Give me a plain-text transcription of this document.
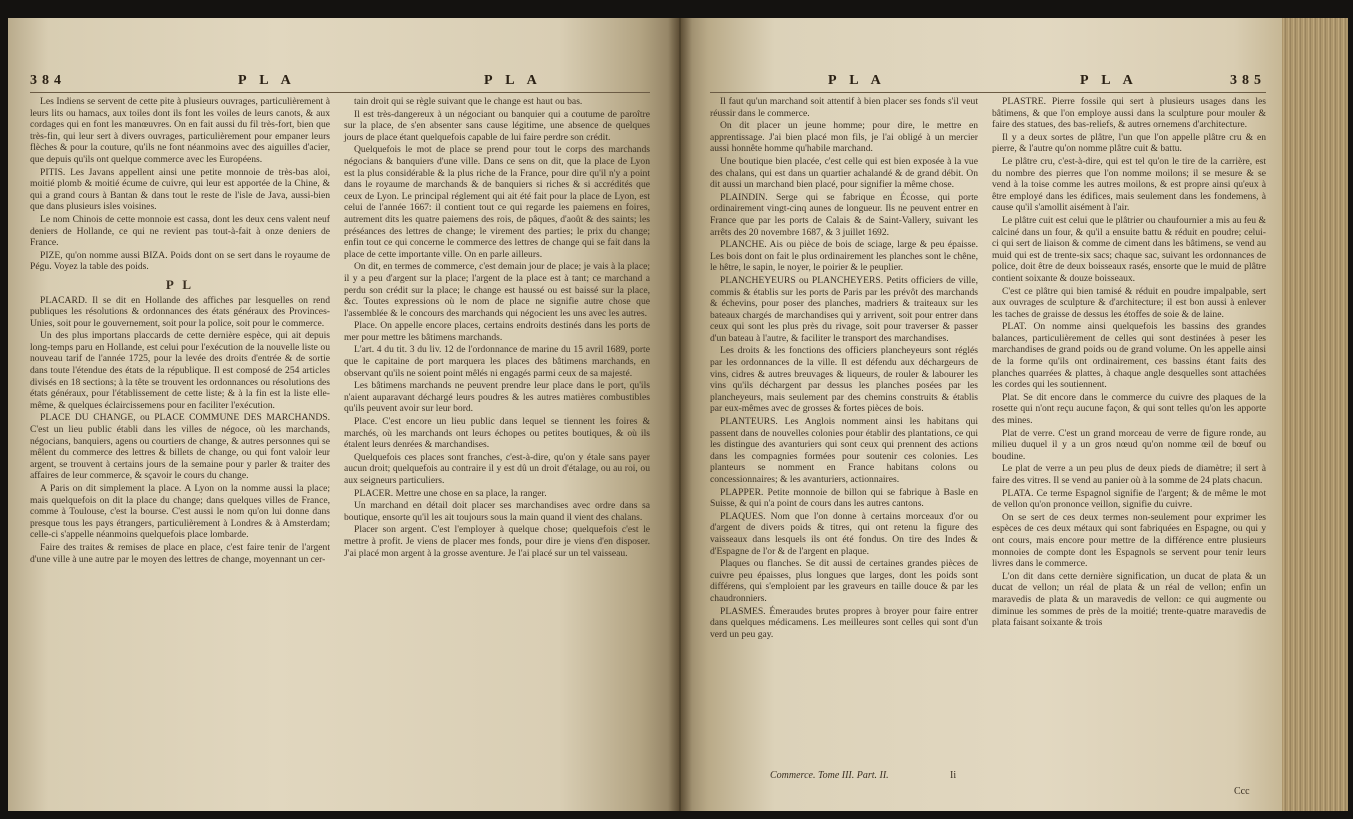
384	P L A	P L A

Les Indiens se servent de cette pite à plusieurs ouvrages, particulièrement à leurs lits ou hamacs, aux toiles dont ils font les voiles de leurs canots, & aux cordages qui en font les manœuvres. On en fait aussi du fil très-fort, bien que très-fin, qui leur sert à divers ouvrages, particulièrement pour empaner leurs flèches & pour la couture, qu'ils ne font néanmoins avec des aiguilles d'acier, que depuis qu'ils ont quelque commerce avec les Européens.

PITIS. Les Javans appellent ainsi une petite monnoie de très-bas aloi, moitié plomb & moitié écume de cuivre, qui leur est apportée de la Chine, & qui a grand cours à Bantan & dans tout le reste de l'isle de Java, aussi-bien que dans plusieurs isles voisines.

Le nom Chinois de cette monnoie est cassa, dont les deux cens valent neuf deniers de Hollande, ce qui ne revient pas tout-à-fait à onze deniers de France.

PIZE, qu'on nomme aussi BIZA. Poids dont on se sert dans le royaume de Pégu. Voyez la table des poids.

P L

PLACARD. Il se dit en Hollande des affiches par lesquelles on rend publiques les résolutions & ordonnances des états généraux des Provinces-Unies, soit pour le gouvernement, soit pour la police, soit pour le commerce.

Un des plus importans placcards de cette dernière espèce, qui ait depuis long-temps paru en Hollande, est celui pour l'exécution de la nouvelle liste ou nouveau tarif de l'année 1725, pour la levée des droits d'entrée & de sortie dans toute l'étendue des états de la république. Il est composé de 254 articles divisés en 18 sections; à la tête se trouvent les ordonnances ou résolutions des états généraux, pour l'établissement de cette liste; & à la fin est la liste elle-même, & quelques éclaircissemens pour en faciliter l'exécution.

PLACE DU CHANGE, ou PLACE COMMUNE DES MARCHANDS. C'est un lieu public établi dans les villes de négoce, où les marchands, négocians, banquiers, agens ou courtiers de change, & autres personnes qui se mêlent du commerce des lettres & billets de change, ou qui font valoir leur argent, se trouvent à certains jours de la semaine pour y parler & traiter des affaires de leur commerce, & sçavoir le cours du change.

A Paris on dit simplement la place. A Lyon on la nomme aussi la place; mais quelquefois on dit la place du change; dans quelques villes de France, comme à Toulouse, c'est la bourse. C'est aussi le nom qu'on lui donne dans presque tous les pays étrangers, particulièrement à Londres & à Amsterdam; celle-ci s'appelle néanmoins quelquefois place lombarde.

Faire des traites & remises de place en place, c'est faire tenir de l'argent d'une ville à une autre par le moyen des lettres de change, moyennant un cer-

tain droit qui se règle suivant que le change est haut ou bas.

Il est très-dangereux à un négociant ou banquier qui a coutume de paroître sur la place, de s'en absenter sans cause légitime, une absence de quelques jours de place étant quelquefois capable de lui faire perdre son crédit.

Quelquefois le mot de place se prend pour tout le corps des marchands négocians & banquiers d'une ville. Dans ce sens on dit, que la place de Lyon est la plus considérable & la plus riche de la France, pour dire qu'il n'y a point dans le royaume de marchands & de banquiers si riches & si accrédités que ceux de Lyon. Le principal réglement qui ait été fait pour la place de Lyon, est celui de l'année 1667: il contient tout ce qui regarde les paiemens en foires, autrement dits les quatre paiemens des rois, de pâques, d'août & des saints; les préséances des lettres de change; le virement des parties; le prix du change; enfin tout ce qui concerne le commerce des lettres de change qui se fait dans la place de cette importante ville. On en parle ailleurs.

On dit, en termes de commerce, c'est demain jour de place; je vais à la place; il y a peu d'argent sur la place; l'argent de la place est à tant; ce marchand a perdu son crédit sur la place; le change est haussé ou est baissé sur la place, &c. Toutes expressions où le nom de place ne signifie autre chose que l'assemblée & le concours des marchands qui négocient les uns avec les autres.

Place. On appelle encore places, certains endroits destinés dans les ports de mer pour mettre les bâtimens marchands.

L'art. 4 du tit. 3 du liv. 12 de l'ordonnance de marine du 15 avril 1689, porte que le capitaine de port marquera les places des bâtimens marchands, en observant qu'ils ne soient point mêlés ni engagés parmi ceux de sa majesté.

Les bâtimens marchands ne peuvent prendre leur place dans le port, qu'ils n'aient auparavant déchargé leurs poudres & les autres matières combustibles qu'ils peuvent avoir sur leur bord.

Place. C'est encore un lieu public dans lequel se tiennent les foires & marchés, où les marchands ont leurs échopes ou petites boutiques, & où ils étalent leurs denrées & marchandises.

Quelquefois ces places sont franches, c'est-à-dire, qu'on y étale sans payer aucun droit; quelquefois au contraire il y est dû un droit d'étalage, ou au roi, ou aux seigneurs particuliers.

PLACER. Mettre une chose en sa place, la ranger.

Un marchand en détail doit placer ses marchandises avec ordre dans sa boutique, ensorte qu'il les ait toujours sous la main quand il vient des chalans.

Placer son argent. C'est l'employer à quelque chose; quelquefois c'est le mettre à profit. Je viens de placer mes fonds, pour dire je viens d'en disposer. J'ai placé mon argent à la grosse aventure. Je l'ai placé sur un tel vaisseau.

P L A	P L A	385

Il faut qu'un marchand soit attentif à bien placer ses fonds s'il veut réussir dans le commerce.

On dit placer un jeune homme; pour dire, le mettre en apprentissage. J'ai bien placé mon fils, je l'ai obligé à un mercier aussi honnête homme qu'habile marchand.

Une boutique bien placée, c'est celle qui est bien exposée à la vue des chalans, qui est dans un quartier achalandé & de grand débit. On dit aussi un marchand bien placé, pour signifier la même chose.

PLAINDIN. Serge qui se fabrique en Écosse, qui porte ordinairement vingt-cinq aunes de longueur. Ils ne peuvent entrer en France que par les ports de Calais & de Saint-Vallery, suivant les arrêts des 20 novembre 1687, & 3 juillet 1692.

PLANCHE. Ais ou pièce de bois de sciage, large & peu épaisse. Les bois dont on fait le plus ordinairement les planches sont le chêne, le hêtre, le sapin, le noyer, le poirier & le peuplier.

PLANCHEYEURS ou PLANCHEYERS. Petits officiers de ville, commis & établis sur les ports de Paris par les prévôt des marchands & échevins, pour poser des planches, madriers & traiteaux sur les bateaux chargés de marchandises qui y arrivent, soit pour entrer dans ceux qui sont les plus près du rivage, soit pour traverser & passer d'un bateau à l'autre, & faciliter le transport des marchandises.

Les droits & les fonctions des officiers plancheyeurs sont réglés par les ordonnances de la ville. Il est défendu aux déchargeurs de vins, cidres & autres breuvages & liqueurs, de rouler & labourer les vins qu'ils déchargent par dessus les planches posées par les plancheyeurs, mais seulement par des chemins construits & établis par eux-mêmes avec de grosses & fortes pièces de bois.

PLANTEURS. Les Anglois nomment ainsi les habitans qui passent dans de nouvelles colonies pour établir des plantations, ce qui les distingue des avanturiers qui sont ceux qui prennent des actions dans les compagnies formées pour soutenir ces colonies. Les planteurs se nomment en France habitans colons ou concessionnaires; & les avanturiers, actionnaires.

PLAPPER. Petite monnoie de billon qui se fabrique à Basle en Suisse, & qui n'a point de cours dans les autres cantons.

PLAQUES. Nom que l'on donne à certains morceaux d'or ou d'argent de divers poids & titres, qui ont retenu la figure des vaisseaux dans lesquels ils ont été fondus. On tire des Indes & d'Espagne de l'or & de l'argent en plaque.

Plaques ou flanches. Se dit aussi de certaines grandes pièces de cuivre peu épaisses, plus longues que larges, dont les poids sont différens, qui s'emploient par les graveurs en taille douce & par les chaudronniers.

PLASMES. Émeraudes brutes propres à broyer pour faire entrer dans quelques médicamens. Les meilleures sont celles qui sont d'un verd un peu gay.

PLASTRE. Pierre fossile qui sert à plusieurs usages dans les bâtimens, & que l'on employe aussi dans la sculpture pour mouler & faire des statues, des bas-reliefs, & autres ornemens d'architecture.

Il y a deux sortes de plâtre, l'un que l'on appelle plâtre cru & en pierre, & l'autre qu'on nomme plâtre cuit & battu.

Le plâtre cru, c'est-à-dire, qui est tel qu'on le tire de la carrière, est du nombre des pierres que l'on nomme moilons; il se mesure & se vend à la toise comme les autres moilons, & est propre ainsi qu'eux à être employé dans les édifices, mais seulement dans les fondemens, à cause qu'il s'amollit aisément à l'air.

Le plâtre cuit est celui que le plâtrier ou chaufournier a mis au feu & calciné dans un four, & qu'il a ensuite battu & réduit en poudre; celui-ci qui sert de liaison & comme de ciment dans les bâtimens, se vend au muid qui est de trente-six sacs; chaque sac, suivant les ordonnances de police, doit être de deux boisseaux rasés, ensorte que le muid de plâtre contient soixante & douze boisseaux.

C'est ce plâtre qui bien tamisé & réduit en poudre impalpable, sert aux ouvrages de sculpture & d'architecture; il est bon aussi à enlever les taches de graisse de dessus les étoffes de soie & de laine.

PLAT. On nomme ainsi quelquefois les bassins des grandes balances, particulièrement de celles qui sont destinées à peser les marchandises de grand poids ou de grand volume. On les appelle ainsi de la forme qu'ils ont ordinairement, ces bassins étant faits des planches quarrées & plattes, à chaque angle desquelles sont attachées les cordes qui les soutiennent.

Plat. Se dit encore dans le commerce du cuivre des plaques de la rosette qui n'ont reçu aucune façon, & qui sont telles qu'on les apporte des mines.

Plat de verre. C'est un grand morceau de verre de figure ronde, au milieu duquel il y a un gros nœud qu'on nomme œil de bœuf ou boudine.

Le plat de verre a un peu plus de deux pieds de diamètre; il sert à faire des vitres. Il se vend au panier où à la somme de 24 plats chacun.

PLATA. Ce terme Espagnol signifie de l'argent; & de même le mot de vellon qu'on prononce veillon, signifie du cuivre.

On se sert de ces deux termes non-seulement pour exprimer les espèces de ces deux métaux qui sont fabriquées en Espagne, ou qui y ont cours, mais encore pour mettre de la différence entre plusieurs monnoies de compte dont les Espagnols se servent pour tenir leurs livres dans le commerce.

L'on dit dans cette dernière signification, un ducat de plata & un ducat de vellon; un réal de plata & un réal de vellon; enfin un maravedis de plata & un maravedis de vellon: ce qui augmente ou diminue les sommes de près de la moitié; trente-quatre maravedis de plata faisant soixante & trois

Commerce. Tome III. Part. II.	Ii
Ccc
